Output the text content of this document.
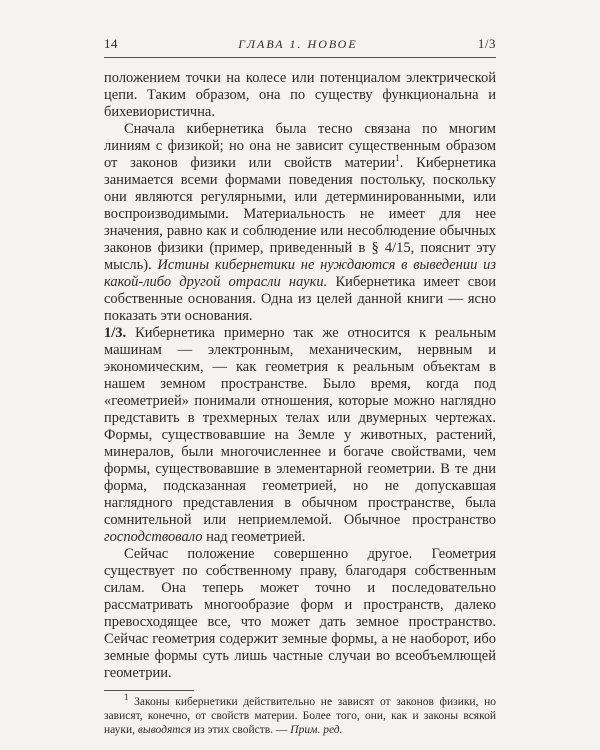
14	ГЛАВА 1. НОВОЕ	1/3

положением точки на колесе или потенциалом электрической цепи. Таким образом, она по существу функциональна и бихевиористична.

Сначала кибернетика была тесно связана по многим линиям с физикой; но она не зависит существенным образом от законов физики или свойств материи$^1$. Кибернетика занимается всеми формами поведения постольку, поскольку они являются регулярными, или детерминированными, или воспроизводимыми. Материальность не имеет для нее значения, равно как и соблюдение или несоблюдение обычных законов физики (пример, приведенный в § 4/15, пояснит эту мысль). Истины кибернетики не нуждаются в выведении из какой-либо другой отрасли науки. Кибернетика имеет свои собственные основания. Одна из целей данной книги — ясно показать эти основания.

1/3. Кибернетика примерно так же относится к реальным машинам — электронным, механическим, нервным и экономическим, — как геометрия к реальным объектам в нашем земном пространстве. Было время, когда под «геометрией» понимали отношения, которые можно наглядно представить в трехмерных телах или двумерных чертежах. Формы, существовавшие на Земле у животных, растений, минералов, были многочисленнее и богаче свойствами, чем формы, существовавшие в элементарной геометрии. В те дни форма, подсказанная геометрией, но не допускавшая наглядного представления в обычном пространстве, была сомнительной или неприемлемой. Обычное пространство господствовало над геометрией.

Сейчас положение совершенно другое. Геометрия существует по собственному праву, благодаря собственным силам. Она теперь может точно и последовательно рассматривать многообразие форм и пространств, далеко превосходящее все, что может дать земное пространство. Сейчас геометрия содержит земные формы, а не наоборот, ибо земные формы суть лишь частные случаи во всеобъемлющей геометрии.

$^1$ Законы кибернетики действительно не зависят от законов физики, но зависят, конечно, от свойств материи. Более того, они, как и законы всякой науки, выводятся из этих свойств. — Прим. ред.
